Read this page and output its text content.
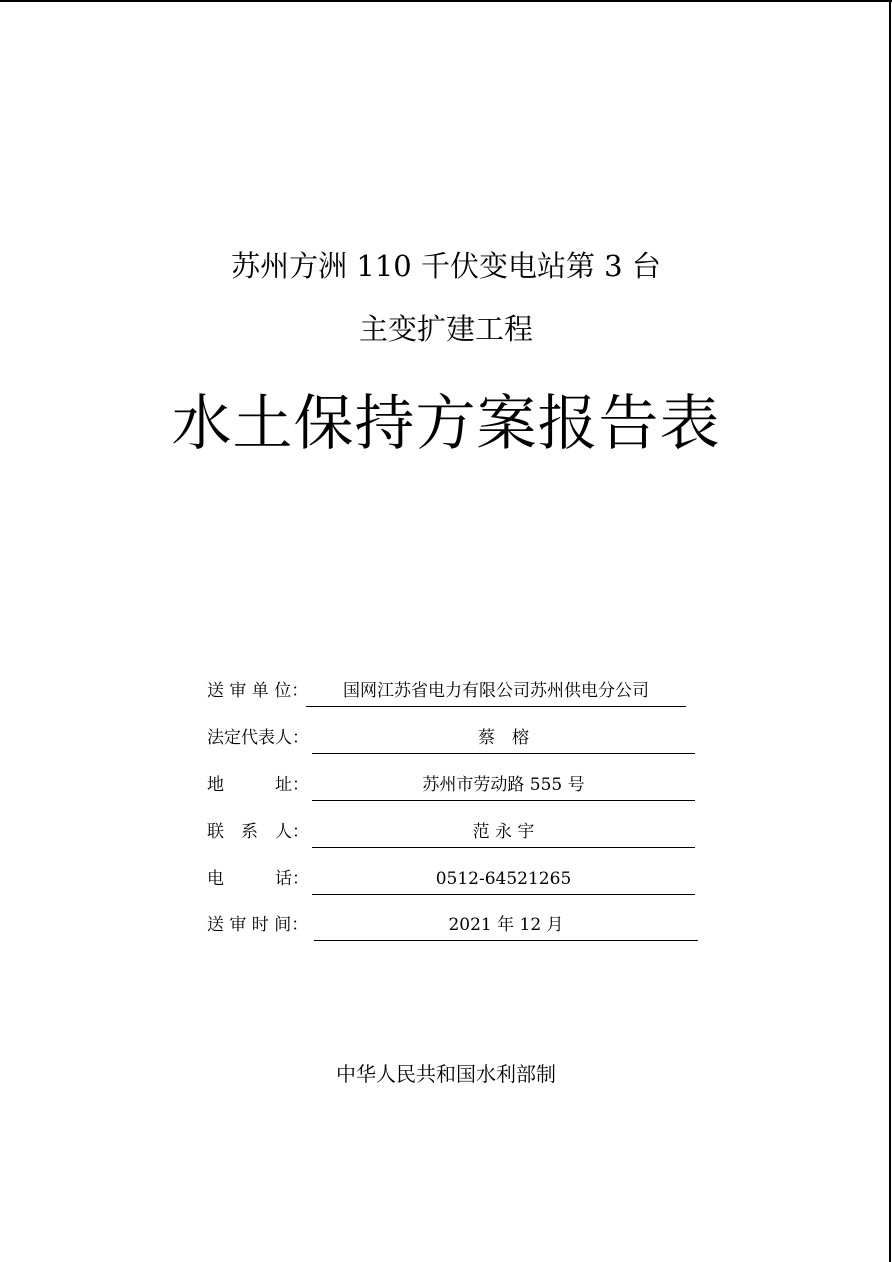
苏州方洲 110 千伏变电站第 3 台
主变扩建工程
水土保持方案报告表
送 审 单 位：	国网江苏省电力有限公司苏州供电分公司
法定代表人：	蔡　榕
地　　　址：	苏州市劳动路 555 号
联　系　人：	范 永 宇
电　　　话：	0512-64521265
送 审 时 间：	2021 年 12 月
中华人民共和国水利部制
